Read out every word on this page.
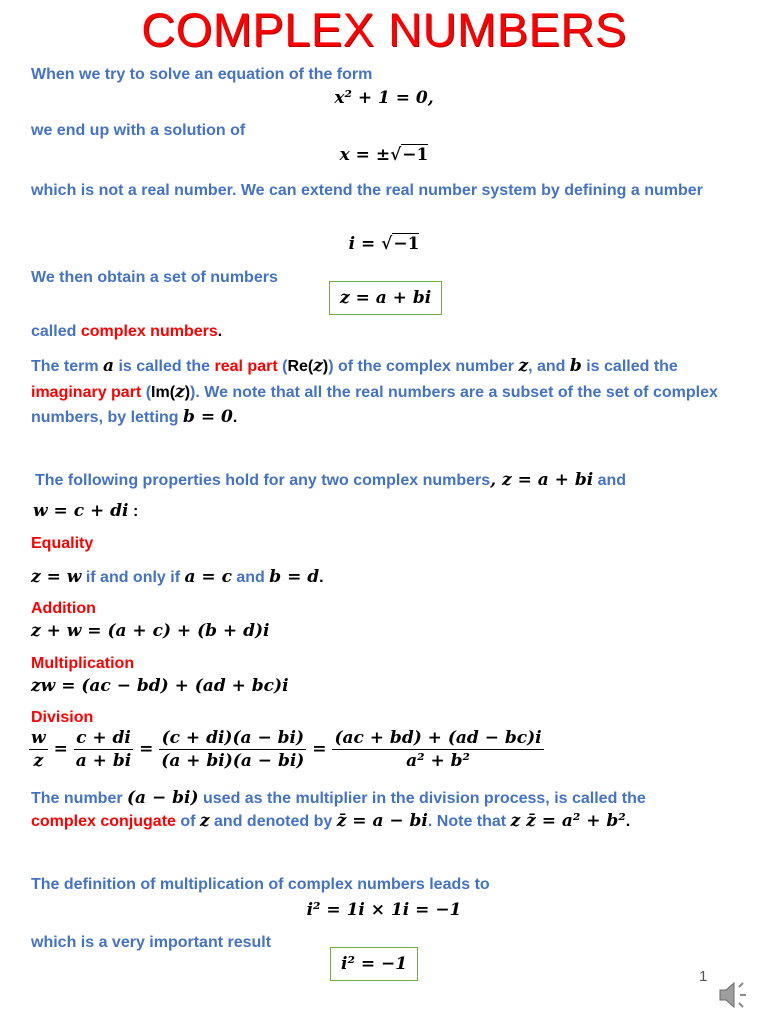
COMPLEX NUMBERS
When we try to solve an equation of the form
x² + 1 = 0,
we end up with a solution of
x = ±√−1
which is not a real number. We can extend the real number system by defining a number
i = √−1
We then obtain a set of numbers
z = a + bi
called complex numbers.
The term a is called the real part (Re(z)) of the complex number z, and b is called the imaginary part (Im(z)). We note that all the real numbers are a subset of the set of complex numbers, by letting b = 0.
The following properties hold for any two complex numbers, z = a + bi and
w = c + di :
Equality
z = w if and only if a = c and b = d.
Addition
z + w = (a + c) + (b + d)i
Multiplication
zw = (ac − bd) + (ad + bc)i
Division
$\frac{w}{z} = \frac{c + di}{a + bi} = \frac{(c + di)(a - bi)}{(a + bi)(a - bi)} = \frac{(ac + bd) + (ad - bc)i}{\text{a² + b²}}$
The number (a − bi) used as the multiplier in the division process, is called the
complex conjugate of z and denoted by z̄ = a − bi. Note that z z̄ = a² + b².
The definition of multiplication of complex numbers leads to
i² = 1i × 1i = −1
which is a very important result
i² = −1
1
